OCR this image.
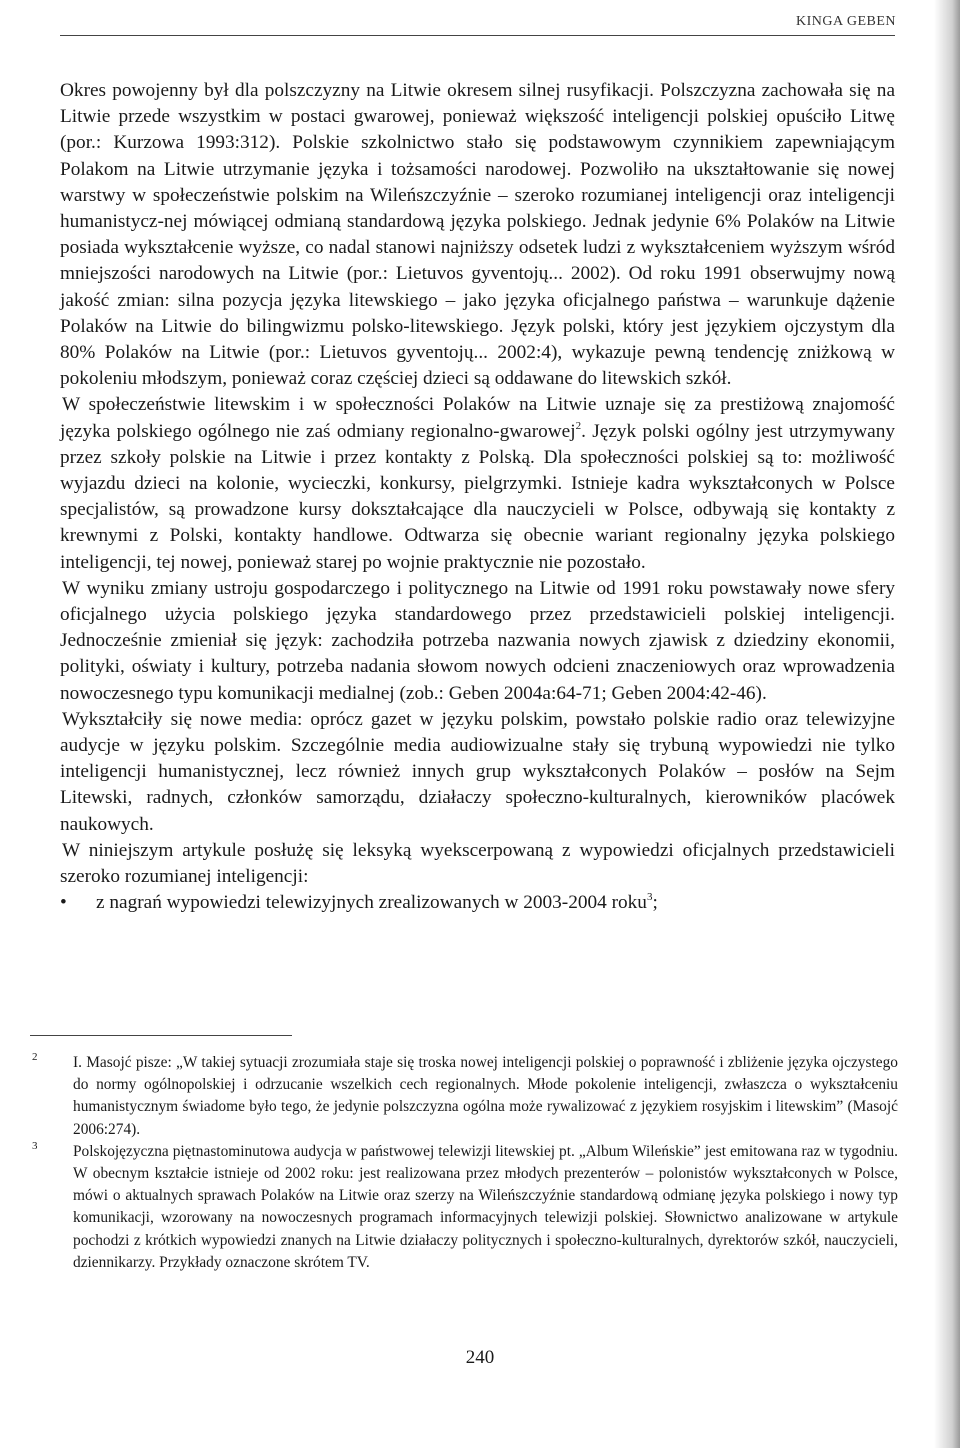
KINGA GEBEN

Okres powojenny był dla polszczyzny na Litwie okresem silnej rusyfikacji. Polszczyzna zachowała się na Litwie przede wszystkim w postaci gwarowej, ponieważ większość inteligencji polskiej opuściło Litwę (por.: Kurzowa 1993:312). Polskie szkolnictwo stało się podstawowym czynnikiem zapewniającym Polakom na Litwie utrzymanie języka i tożsamości narodowej. Pozwoliło na ukształtowanie się nowej warstwy w społeczeństwie polskim na Wileńszczyźnie – szeroko rozumianej inteligencji oraz inteligencji humanistycz-nej mówiącej odmianą standardową języka polskiego. Jednak jedynie 6% Polaków na Litwie posiada wykształcenie wyższe, co nadal stanowi najniższy odsetek ludzi z wykształceniem wyższym wśród mniejszości narodowych na Litwie (por.: Lietuvos gyventojų... 2002). Od roku 1991 obserwujmy nową jakość zmian: silna pozycja języka litewskiego – jako języka oficjalnego państwa – warunkuje dążenie Polaków na Litwie do bilingwizmu polsko-litewskiego. Język polski, który jest językiem ojczystym dla 80% Polaków na Litwie (por.: Lietuvos gyventojų... 2002:4), wykazuje pewną tendencję zniżkową w pokoleniu młodszym, ponieważ coraz częściej dzieci są oddawane do litewskich szkół.

W społeczeństwie litewskim i w społeczności Polaków na Litwie uznaje się za prestiżową znajomość języka polskiego ogólnego nie zaś odmiany regionalno-gwarowej$^2$. Język polski ogólny jest utrzymywany przez szkoły polskie na Litwie i przez kontakty z Polską. Dla społeczności polskiej są to: możliwość wyjazdu dzieci na kolonie, wycieczki, konkursy, pielgrzymki. Istnieje kadra wykształconych w Polsce specjalistów, są prowadzone kursy dokształcające dla nauczycieli w Polsce, odbywają się kontakty z krewnymi z Polski, kontakty handlowe. Odtwarza się obecnie wariant regionalny języka polskiego inteligencji, tej nowej, ponieważ starej po wojnie praktycznie nie pozostało.

W wyniku zmiany ustroju gospodarczego i politycznego na Litwie od 1991 roku powstawały nowe sfery oficjalnego użycia polskiego języka standardowego przez przedstawicieli polskiej inteligencji. Jednocześnie zmieniał się język: zachodziła potrzeba nazwania nowych zjawisk z dziedziny ekonomii, polityki, oświaty i kultury, potrzeba nadania słowom nowych odcieni znaczeniowych oraz wprowadzenia nowoczesnego typu komunikacji medialnej (zob.: Geben 2004a:64-71; Geben 2004:42-46).

Wykształciły się nowe media: oprócz gazet w języku polskim, powstało polskie radio oraz telewizyjne audycje w języku polskim. Szczególnie media audiowizualne stały się trybuną wypowiedzi nie tylko inteligencji humanistycznej, lecz również innych grup wykształconych Polaków – posłów na Sejm Litewski, radnych, członków samorządu, działaczy społeczno-kulturalnych, kierowników placówek naukowych.

W niniejszym artykule posłużę się leksyką wyekscerpowaną z wypowiedzi oficjalnych przedstawicieli szeroko rozumianej inteligencji:

• z nagrań wypowiedzi telewizyjnych zrealizowanych w 2003-2004 roku$^3$;

2 I. Masojć pisze: „W takiej sytuacji zrozumiała staje się troska nowej inteligencji polskiej o poprawność i zbliżenie języka ojczystego do normy ogólnopolskiej i odrzucanie wszelkich cech regionalnych. Młode pokolenie inteligencji, zwłaszcza o wykształceniu humanistycznym świadome było tego, że jedynie polszczyzna ogólna może rywalizować z językiem rosyjskim i litewskim” (Masojć 2006:274).

3 Polskojęzyczna piętnastominutowa audycja w państwowej telewizji litewskiej pt. „Album Wileńskie” jest emitowana raz w tygodniu. W obecnym kształcie istnieje od 2002 roku: jest realizowana przez młodych prezenterów – polonistów wykształconych w Polsce, mówi o aktualnych sprawach Polaków na Litwie oraz szerzy na Wileńszczyźnie standardową odmianę języka polskiego i nowy typ komunikacji, wzorowany na nowoczesnych programach informacyjnych telewizji polskiej. Słownictwo analizowane w artykule pochodzi z krótkich wypowiedzi znanych na Litwie działaczy politycznych i społeczno-kulturalnych, dyrektorów szkół, nauczycieli, dziennikarzy. Przykłady oznaczone skrótem TV.

240
